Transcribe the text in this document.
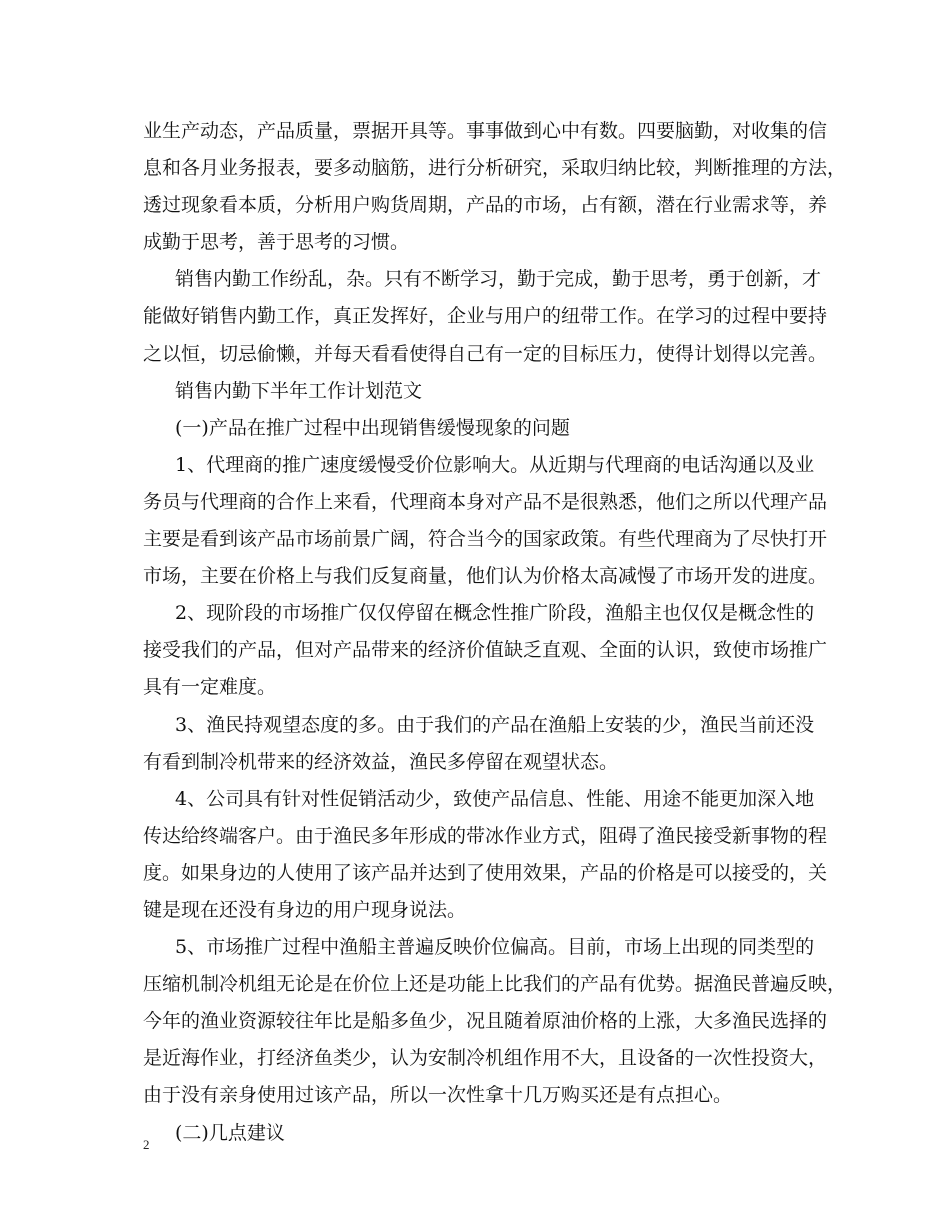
业生产动态，产品质量，票据开具等。事事做到心中有数。四要脑勤，对收集的信
息和各月业务报表，要多动脑筋，进行分析研究，采取归纳比较，判断推理的方法，
透过现象看本质，分析用户购货周期，产品的市场，占有额，潜在行业需求等，养
成勤于思考，善于思考的习惯。

销售内勤工作纷乱，杂。只有不断学习，勤于完成，勤于思考，勇于创新，才
能做好销售内勤工作，真正发挥好，企业与用户的纽带工作。在学习的过程中要持
之以恒，切忌偷懒，并每天看看使得自己有一定的目标压力，使得计划得以完善。

销售内勤下半年工作计划范文

(一)产品在推广过程中出现销售缓慢现象的问题

1、代理商的推广速度缓慢受价位影响大。从近期与代理商的电话沟通以及业
务员与代理商的合作上来看，代理商本身对产品不是很熟悉，他们之所以代理产品
主要是看到该产品市场前景广阔，符合当今的国家政策。有些代理商为了尽快打开
市场，主要在价格上与我们反复商量，他们认为价格太高减慢了市场开发的进度。

2、现阶段的市场推广仅仅停留在概念性推广阶段，渔船主也仅仅是概念性的
接受我们的产品，但对产品带来的经济价值缺乏直观、全面的认识，致使市场推广
具有一定难度。

3、渔民持观望态度的多。由于我们的产品在渔船上安装的少，渔民当前还没
有看到制冷机带来的经济效益，渔民多停留在观望状态。

4、公司具有针对性促销活动少，致使产品信息、性能、用途不能更加深入地
传达给终端客户。由于渔民多年形成的带冰作业方式，阻碍了渔民接受新事物的程
度。如果身边的人使用了该产品并达到了使用效果，产品的价格是可以接受的，关
键是现在还没有身边的用户现身说法。

5、市场推广过程中渔船主普遍反映价位偏高。目前，市场上出现的同类型的
压缩机制冷机组无论是在价位上还是功能上比我们的产品有优势。据渔民普遍反映，
今年的渔业资源较往年比是船多鱼少，况且随着原油价格的上涨，大多渔民选择的
是近海作业，打经济鱼类少，认为安制冷机组作用不大，且设备的一次性投资大，
由于没有亲身使用过该产品，所以一次性拿十几万购买还是有点担心。

(二)几点建议

2
